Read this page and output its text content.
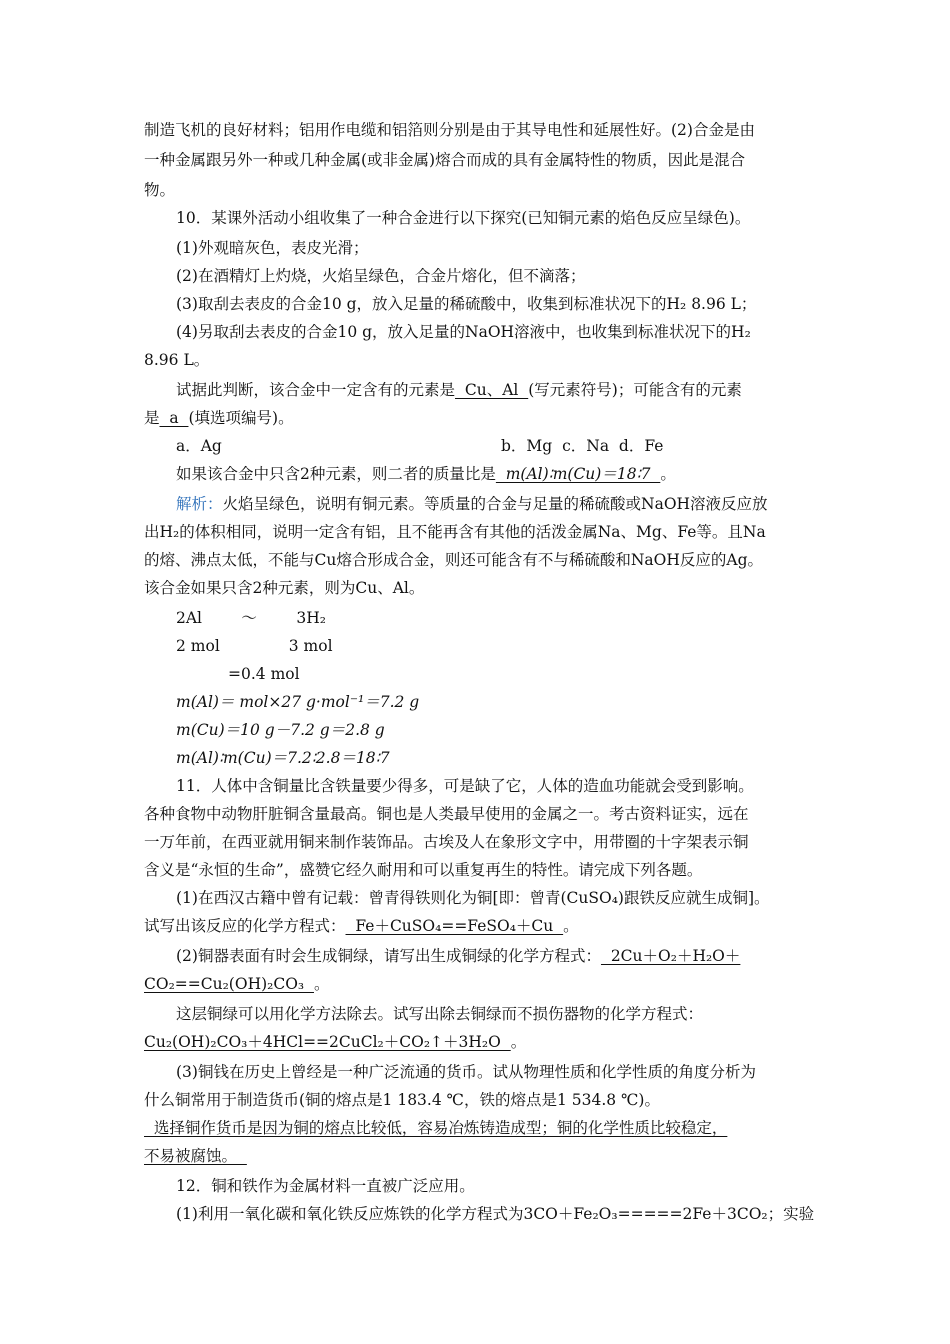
制造飞机的良好材料；铝用作电缆和铝箔则分别是由于其导电性和延展性好。(2)合金是由
一种金属跟另外一种或几种金属(或非金属)熔合而成的具有金属特性的物质，因此是混合
物。
10．某课外活动小组收集了一种合金进行以下探究(已知铜元素的焰色反应呈绿色)。
(1)外观暗灰色，表皮光滑；
(2)在酒精灯上灼烧，火焰呈绿色，合金片熔化，但不滴落；
(3)取刮去表皮的合金10 g，放入足量的稀硫酸中，收集到标准状况下的H₂ 8.96 L；
(4)另取刮去表皮的合金10 g，放入足量的NaOH溶液中，也收集到标准状况下的H₂
8.96 L。
试据此判断，该合金中一定含有的元素是  Cu、Al  (写元素符号)；可能含有的元素
是  a  (填选项编号)。
a．Ag	b．Mg  c．Na  d．Fe
如果该合金中只含2种元素，则二者的质量比是  m(Al)∶m(Cu)＝18∶7  。
解析：火焰呈绿色，说明有铜元素。等质量的合金与足量的稀硫酸或NaOH溶液反应放
出H₂的体积相同，说明一定含有铝，且不能再含有其他的活泼金属Na、Mg、Fe等。且Na
的熔、沸点太低，不能与Cu熔合形成合金，则还可能含有不与稀硫酸和NaOH反应的Ag。
该合金如果只含2种元素，则为Cu、Al。
2Al        ～        3H₂
2 mol              3 mol
=0.4 mol
m(Al)＝ mol×27 g·mol⁻¹＝7.2 g
m(Cu)＝10 g－7.2 g＝2.8 g
m(Al)∶m(Cu)＝7.2∶2.8＝18∶7
11．人体中含铜量比含铁量要少得多，可是缺了它，人体的造血功能就会受到影响。
各种食物中动物肝脏铜含量最高。铜也是人类最早使用的金属之一。考古资料证实，远在
一万年前，在西亚就用铜来制作装饰品。古埃及人在象形文字中，用带圈的十字架表示铜
含义是“永恒的生命”，盛赞它经久耐用和可以重复再生的特性。请完成下列各题。
(1)在西汉古籍中曾有记载：曾青得铁则化为铜[即：曾青(CuSO₄)跟铁反应就生成铜]。
试写出该反应的化学方程式：  Fe＋CuSO₄==FeSO₄＋Cu  。
(2)铜器表面有时会生成铜绿，请写出生成铜绿的化学方程式：  2Cu＋O₂＋H₂O＋
CO₂==Cu₂(OH)₂CO₃  。
这层铜绿可以用化学方法除去。试写出除去铜绿而不损伤器物的化学方程式：
Cu₂(OH)₂CO₃＋4HCl==2CuCl₂＋CO₂↑＋3H₂O  。
(3)铜钱在历史上曾经是一种广泛流通的货币。试从物理性质和化学性质的角度分析为
什么铜常用于制造货币(铜的熔点是1 183.4 ℃，铁的熔点是1 534.8 ℃)。
选择铜作货币是因为铜的熔点比较低，容易冶炼铸造成型；铜的化学性质比较稳定，
不易被腐蚀。
12．铜和铁作为金属材料一直被广泛应用。
(1)利用一氧化碳和氧化铁反应炼铁的化学方程式为3CO＋Fe₂O₃=====2Fe＋3CO₂；实验
